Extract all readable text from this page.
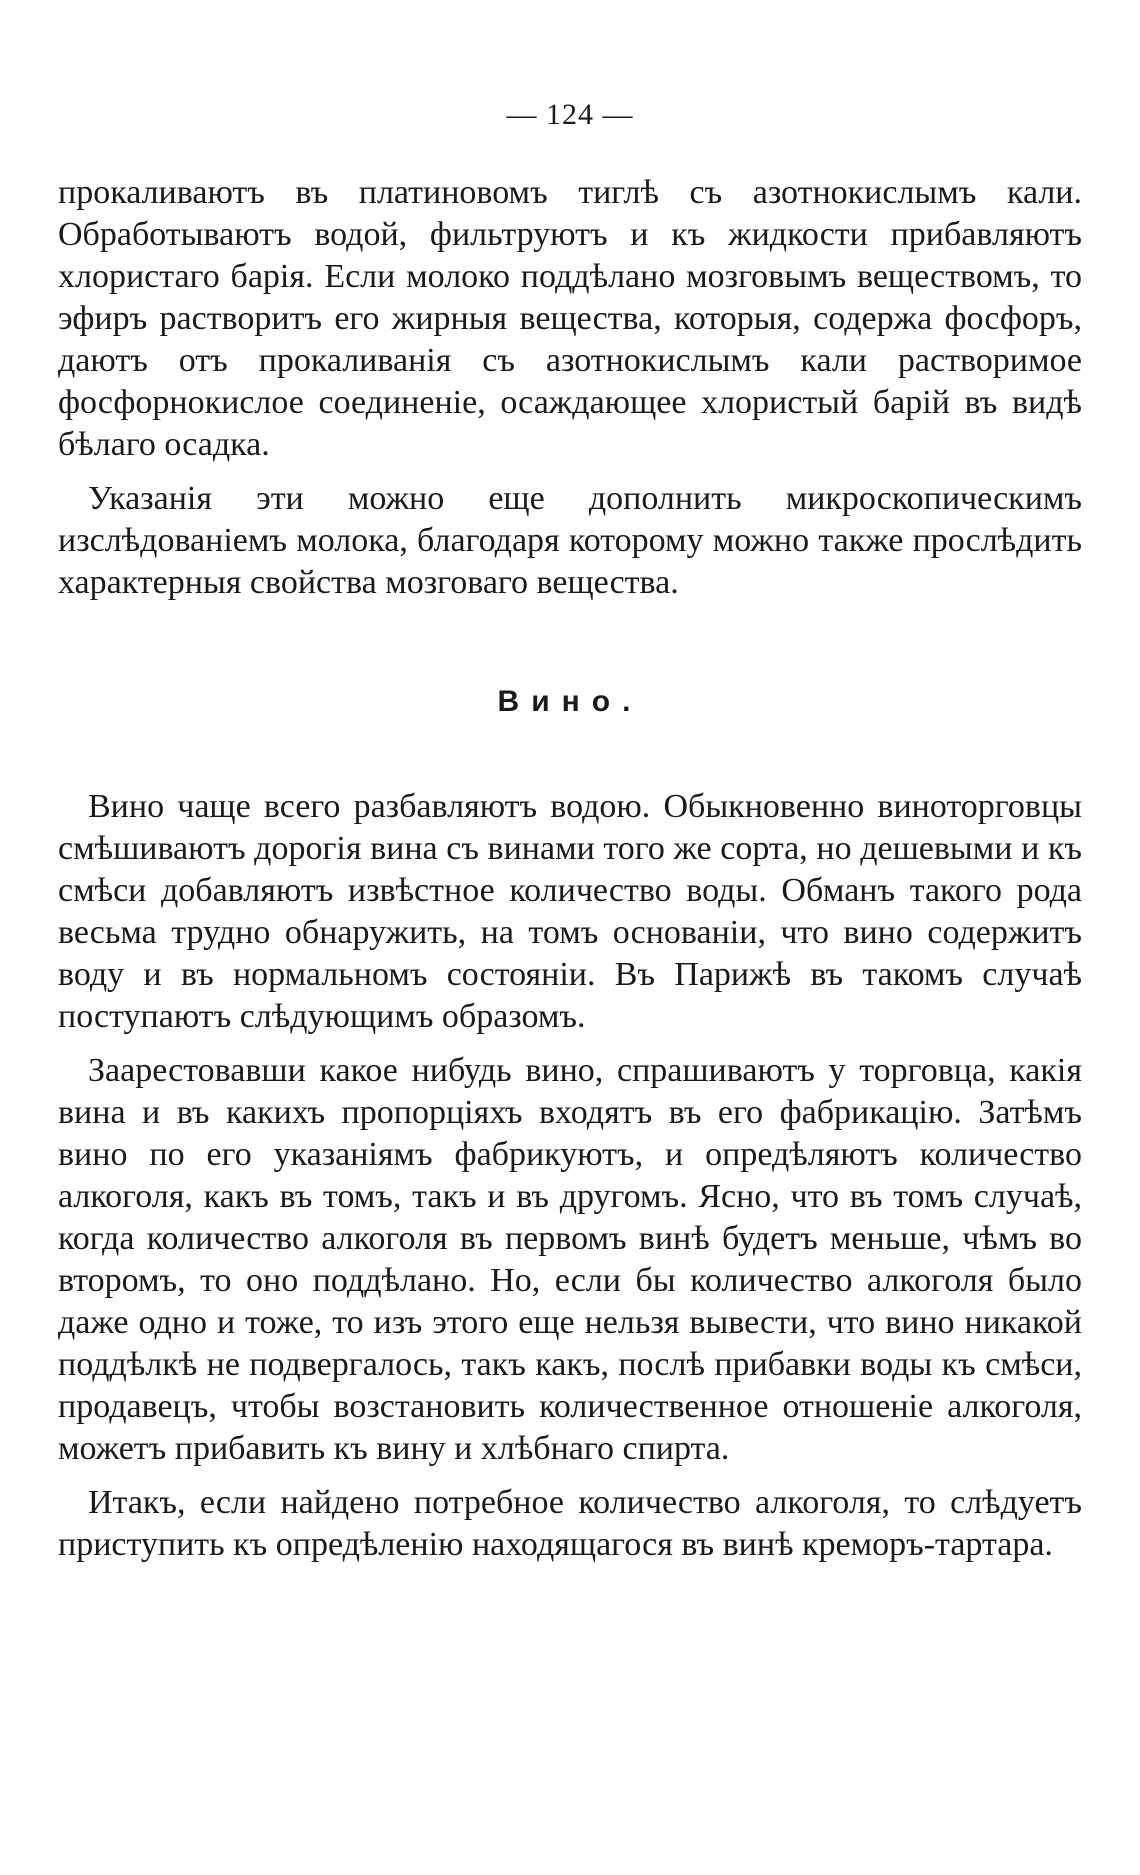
— 124 —

прокаливаютъ въ платиновомъ тиглѣ съ азотнокислымъ кали. Обработываютъ водой, фильтруютъ и къ жидкости прибавляютъ хлористаго барія. Если молоко поддѣлано мозговымъ веществомъ, то эфиръ растворитъ его жирныя вещества, которыя, содержа фосфоръ, даютъ отъ прокаливанія съ азотнокислымъ кали растворимое фосфорнокислое соединеніе, осаждающее хлористый барій въ видѣ бѣлаго осадка.

Указанія эти можно еще дополнить микроскопическимъ изслѣдованіемъ молока, благодаря которому можно также прослѣдить характерныя свойства мозговаго вещества.

Вино.

Вино чаще всего разбавляютъ водою. Обыкновенно виноторговцы смѣшиваютъ дорогія вина съ винами того же сорта, но дешевыми и къ смѣси добавляютъ извѣстное количество воды. Обманъ такого рода весьма трудно обнаружить, на томъ основаніи, что вино содержитъ воду и въ нормальномъ состояніи. Въ Парижѣ въ такомъ случаѣ поступаютъ слѣдующимъ образомъ.

Заарестовавши какое нибудь вино, спрашиваютъ у торговца, какія вина и въ какихъ пропорціяхъ входятъ въ его фабрикацію. Затѣмъ вино по его указаніямъ фабрикуютъ, и опредѣляютъ количество алкоголя, какъ въ томъ, такъ и въ другомъ. Ясно, что въ томъ случаѣ, когда количество алкоголя въ первомъ винѣ будетъ меньше, чѣмъ во второмъ, то оно поддѣлано. Но, если бы количество алкоголя было даже одно и тоже, то изъ этого еще нельзя вывести, что вино никакой поддѣлкѣ не подвергалось, такъ какъ, послѣ прибавки воды къ смѣси, продавецъ, чтобы возстановить количественное отношеніе алкоголя, можетъ прибавить къ вину и хлѣбнаго спирта.

Итакъ, если найдено потребное количество алкоголя, то слѣдуетъ приступить къ опредѣленію находящагося въ винѣ креморъ-тартара.
